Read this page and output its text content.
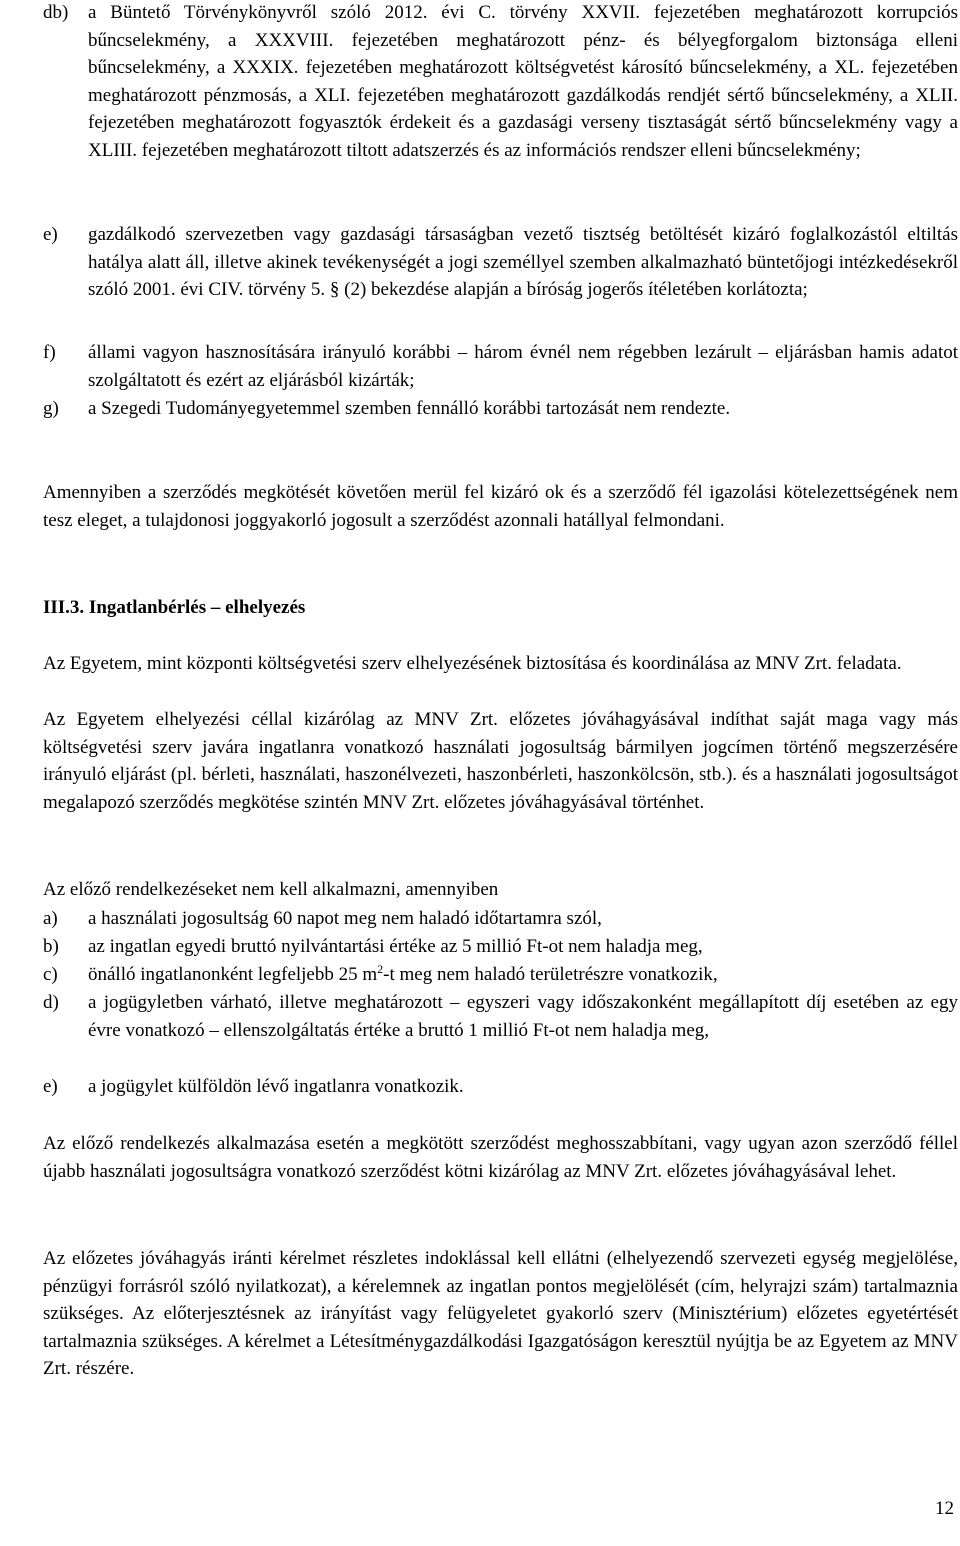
db)	a Büntető Törvénykönyvről szóló 2012. évi C. törvény XXVII. fejezetében meghatározott korrupciós bűncselekmény, a XXXVIII. fejezetében meghatározott pénz- és bélyegforgalom biztonsága elleni bűncselekmény, a XXXIX. fejezetében meghatározott költségvetést károsító bűncselekmény, a XL. fejezetében meghatározott pénzmosás, a XLI. fejezetében meghatározott gazdálkodás rendjét sértő bűncselekmény, a XLII. fejezetében meghatározott fogyasztók érdekeit és a gazdasági verseny tisztaságát sértő bűncselekmény vagy a XLIII. fejezetében meghatározott tiltott adatszerzés és az információs rendszer elleni bűncselekmény;
e)	gazdálkodó szervezetben vagy gazdasági társaságban vezető tisztség betöltését kizáró foglalkozástól eltiltás hatálya alatt áll, illetve akinek tevékenységét a jogi személlyel szemben alkalmazható büntetőjogi intézkedésekről szóló 2001. évi CIV. törvény 5. § (2) bekezdése alapján a bíróság jogerős ítéletében korlátozta;
f)	állami vagyon hasznosítására irányuló korábbi – három évnél nem régebben lezárult – eljárásban hamis adatot szolgáltatott és ezért az eljárásból kizárták;
g)	a Szegedi Tudományegyetemmel szemben fennálló korábbi tartozását nem rendezte.

Amennyiben a szerződés megkötését követően merül fel kizáró ok és a szerződő fél igazolási kötelezettségének nem tesz eleget, a tulajdonosi joggyakorló jogosult a szerződést azonnali hatállyal felmondani.

III.3. Ingatlanbérlés – elhelyezés

Az Egyetem, mint központi költségvetési szerv elhelyezésének biztosítása és koordinálása az MNV Zrt. feladata.

Az Egyetem elhelyezési céllal kizárólag az MNV Zrt. előzetes jóváhagyásával indíthat saját maga vagy más költségvetési szerv javára ingatlanra vonatkozó használati jogosultság bármilyen jogcímen történő megszerzésére irányuló eljárást (pl. bérleti, használati, haszonélvezeti, haszonbérleti, haszonkölcsön, stb.). és a használati jogosultságot megalapozó szerződés megkötése szintén MNV Zrt. előzetes jóváhagyásával történhet.

Az előző rendelkezéseket nem kell alkalmazni, amennyiben

a)	a használati jogosultság 60 napot meg nem haladó időtartamra szól,
b)	az ingatlan egyedi bruttó nyilvántartási értéke az 5 millió Ft-ot nem haladja meg,
c)	önálló ingatlanonként legfeljebb 25 $m^2-t$ meg nem haladó területrészre vonatkozik,
d)	a jogügyletben várható, illetve meghatározott – egyszeri vagy időszakonként megállapított díj esetében az egy évre vonatkozó – ellenszolgáltatás értéke a bruttó 1 millió Ft-ot nem haladja meg,
e)	a jogügylet külföldön lévő ingatlanra vonatkozik.

Az előző rendelkezés alkalmazása esetén a megkötött szerződést meghosszabbítani, vagy ugyan azon szerződő féllel újabb használati jogosultságra vonatkozó szerződést kötni kizárólag az MNV Zrt. előzetes jóváhagyásával lehet.

Az előzetes jóváhagyás iránti kérelmet részletes indoklással kell ellátni (elhelyezendő szervezeti egység megjelölése, pénzügyi forrásról szóló nyilatkozat), a kérelemnek az ingatlan pontos megjelölését (cím, helyrajzi szám) tartalmaznia szükséges. Az előterjesztésnek az irányítást vagy felügyeletet gyakorló szerv (Minisztérium) előzetes egyetértését tartalmaznia szükséges. A kérelmet a Létesítménygazdálkodási Igazgatóságon keresztül nyújtja be az Egyetem az MNV Zrt. részére.

12
